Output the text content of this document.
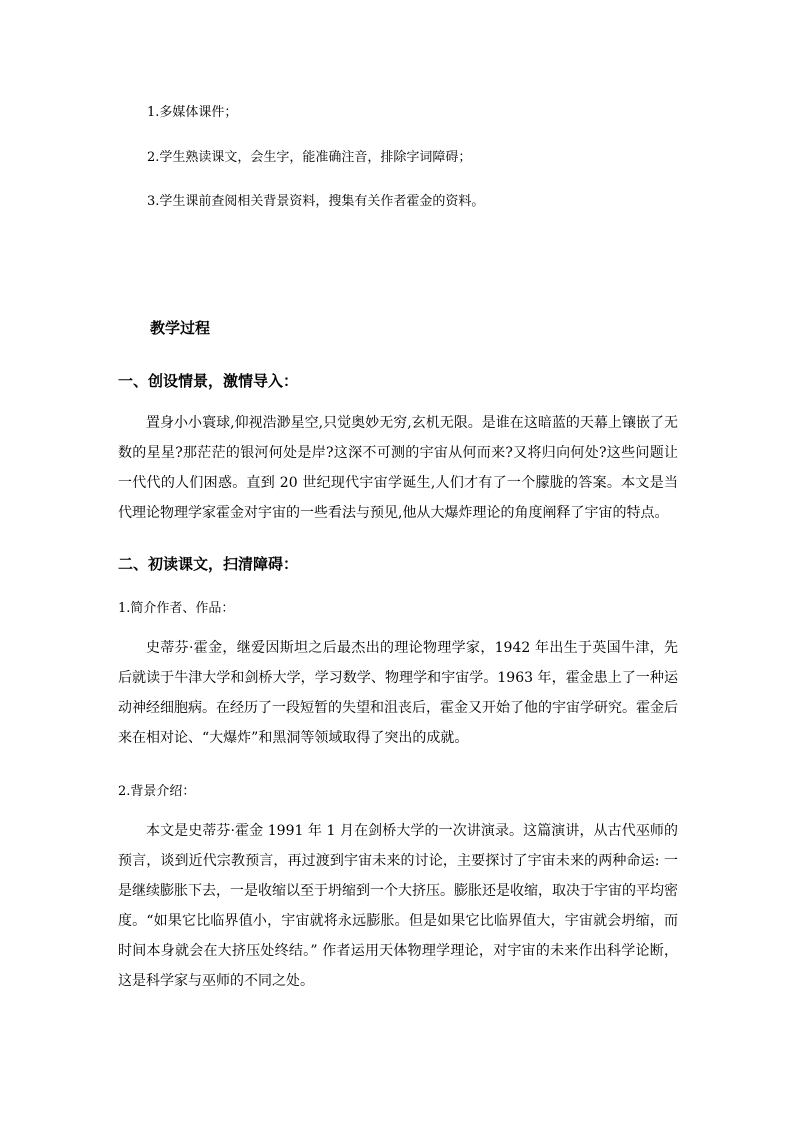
1.多媒体课件；
2.学生熟读课文，会生字，能准确注音，排除字词障碍；
3.学生课前查阅相关背景资料，搜集有关作者霍金的资料。
教学过程
一、创设情景，激情导入：
置身小小寰球,仰视浩渺星空,只觉奥妙无穷,玄机无限。是谁在这暗蓝的天幕上镶嵌了无数的星星?那茫茫的银河何处是岸?这深不可测的宇宙从何而来?又将归向何处?这些问题让一代代的人们困惑。直到 20 世纪现代宇宙学诞生,人们才有了一个朦胧的答案。本文是当代理论物理学家霍金对宇宙的一些看法与预见,他从大爆炸理论的角度阐释了宇宙的特点。
二、初读课文，扫清障碍：
1.简介作者、作品：
史蒂芬·霍金，继爱因斯坦之后最杰出的理论物理学家，1942 年出生于英国牛津，先后就读于牛津大学和剑桥大学，学习数学、物理学和宇宙学。1963 年，霍金患上了一种运动神经细胞病。在经历了一段短暂的失望和沮丧后，霍金又开始了他的宇宙学研究。霍金后来在相对论、“大爆炸”和黑洞等领域取得了突出的成就。
2.背景介绍：
本文是史蒂芬·霍金 1991 年 1 月在剑桥大学的一次讲演录。这篇演讲，从古代巫师的预言，谈到近代宗教预言，再过渡到宇宙未来的讨论，主要探讨了宇宙未来的两种命运: 一是继续膨胀下去，一是收缩以至于坍缩到一个大挤压。膨胀还是收缩，取决于宇宙的平均密度。“如果它比临界值小，宇宙就将永远膨胀。但是如果它比临界值大，宇宙就会坍缩，而时间本身就会在大挤压处终结。” 作者运用天体物理学理论，对宇宙的未来作出科学论断，这是科学家与巫师的不同之处。
